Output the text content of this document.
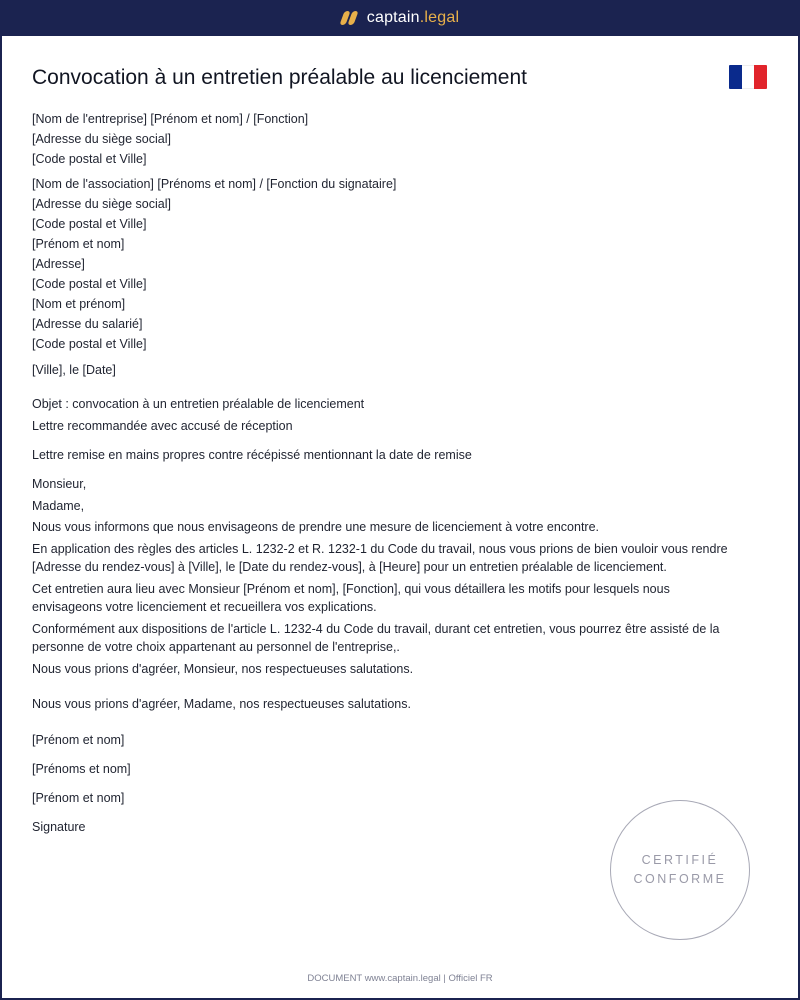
captain.legal
Convocation à un entretien préalable au licenciement
[Nom de l'entreprise] [Prénom et nom] / [Fonction]
[Adresse du siège social]
[Code postal et Ville]
[Nom de l'association] [Prénoms et nom] / [Fonction du signataire]
[Adresse du siège social]
[Code postal et Ville]
[Prénom et nom]
[Adresse]
[Code postal et Ville]
[Nom et prénom]
[Adresse du salarié]
[Code postal et Ville]
[Ville], le [Date]
Objet : convocation à un entretien préalable de licenciement
Lettre recommandée avec accusé de réception
Lettre remise en mains propres contre récépissé mentionnant la date de remise
Monsieur,
Madame,
Nous vous informons que nous envisageons de prendre une mesure de licenciement à votre encontre.
En application des règles des articles L. 1232-2 et R. 1232-1 du Code du travail, nous vous prions de bien vouloir vous rendre [Adresse du rendez-vous] à [Ville], le [Date du rendez-vous], à [Heure] pour un entretien préalable de licenciement.
Cet entretien aura lieu avec Monsieur [Prénom et nom], [Fonction], qui vous détaillera les motifs pour lesquels nous envisageons votre licenciement et recueillera vos explications.
Conformément aux dispositions de l'article L. 1232-4 du Code du travail, durant cet entretien, vous pourrez être assisté de la personne de votre choix appartenant au personnel de l'entreprise,.
Nous vous prions d'agréer, Monsieur, nos respectueuses salutations.
Nous vous prions d'agréer, Madame, nos respectueuses salutations.
[Prénom et nom]
[Prénoms et nom]
[Prénom et nom]
Signature
CERTIFIÉ
CONFORME
DOCUMENT www.captain.legal | Officiel FR
